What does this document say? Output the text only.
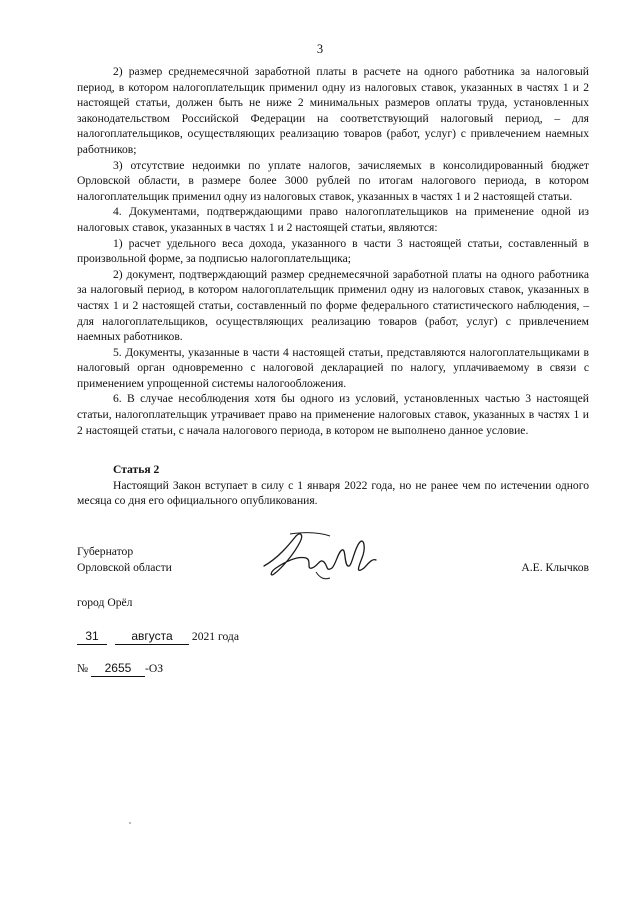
3

2) размер среднемесячной заработной платы в расчете на одного работника за налоговый период, в котором налогоплательщик применил одну из налоговых ставок, указанных в частях 1 и 2 настоящей статьи, должен быть не ниже 2 минимальных размеров оплаты труда, установленных законодательством Российской Федерации на соответствующий налоговый период, – для налогоплательщиков, осуществляющих реализацию товаров (работ, услуг) с привлечением наемных работников;

3) отсутствие недоимки по уплате налогов, зачисляемых в консолидированный бюджет Орловской области, в размере более 3000 рублей по итогам налогового периода, в котором налогоплательщик применил одну из налоговых ставок, указанных в частях 1 и 2 настоящей статьи.

4. Документами, подтверждающими право налогоплательщиков на применение одной из налоговых ставок, указанных в частях 1 и 2 настоящей статьи, являются:

1) расчет удельного веса дохода, указанного в части 3 настоящей статьи, составленный в произвольной форме, за подписью налогоплательщика;

2) документ, подтверждающий размер среднемесячной заработной платы на одного работника за налоговый период, в котором налогоплательщик применил одну из налоговых ставок, указанных в частях 1 и 2 настоящей статьи, составленный по форме федерального статистического наблюдения, – для налогоплательщиков, осуществляющих реализацию товаров (работ, услуг) с привлечением наемных работников.

5. Документы, указанные в части 4 настоящей статьи, представляются налогоплательщиками в налоговый орган одновременно с налоговой декларацией по налогу, уплачиваемому в связи с применением упрощенной системы налогообложения.

6. В случае несоблюдения хотя бы одного из условий, установленных частью 3 настоящей статьи, налогоплательщик утрачивает право на применение налоговых ставок, указанных в частях 1 и 2 настоящей статьи, с начала налогового периода, в котором не выполнено данное условие.

Статья 2

Настоящий Закон вступает в силу с 1 января 2022 года, но не ранее чем по истечении одного месяца со дня его официального опубликования.

Губернатор
Орловской области	А.Е. Клычков
город Орёл
31	августа 2021 года
№ 2655 -ОЗ
